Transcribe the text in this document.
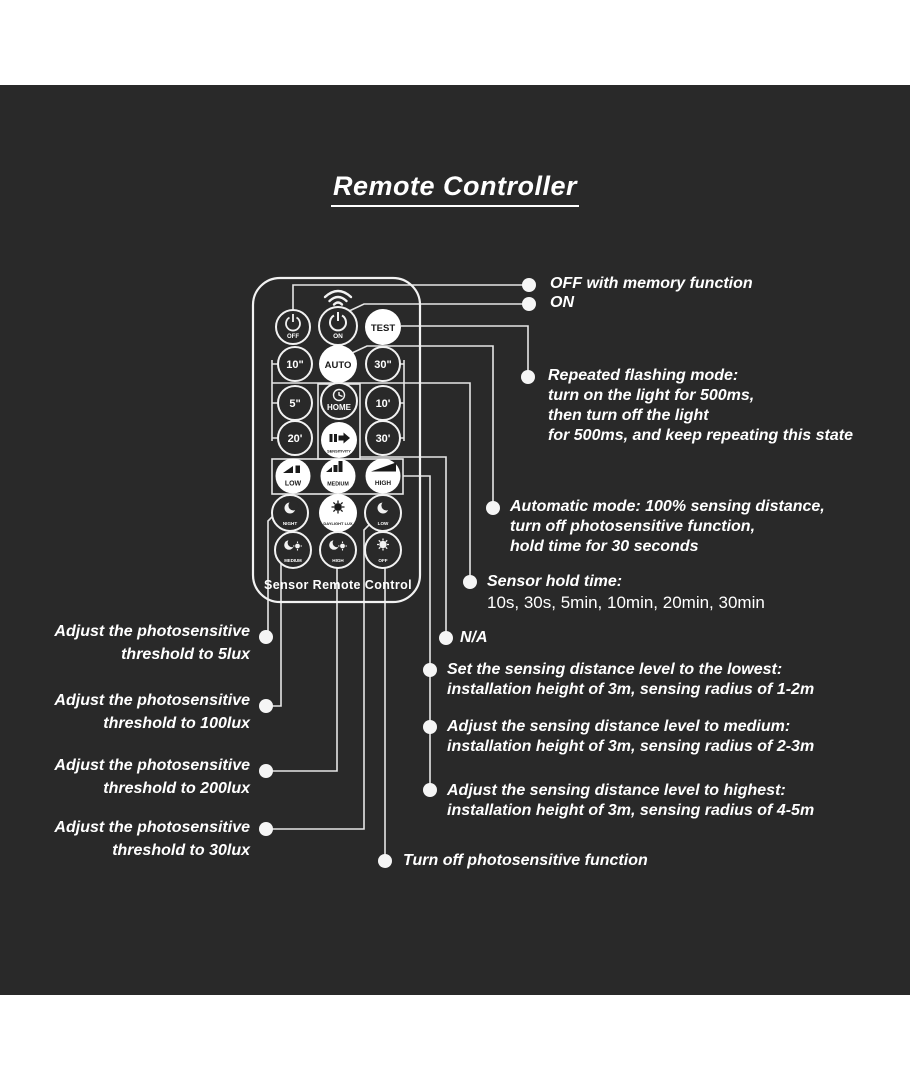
Remote Controller
OFF	ON
TEST
10" AUTO 30"
5"	HOME 10'
20'
SENSITIVITY
30'
LOW	MEDIUM	HIGH
NIGHT	DAYLIGHT LUX	LOW
MEDIUM	HIGH	OFF
Sensor Remote Control
OFF with memory function
ON
Repeated flashing mode:
turn on the light for 500ms,
then turn off the light
for 500ms, and keep repeating this state
Automatic mode: 100% sensing distance,
turn off photosensitive function,
hold time for 30 seconds
Sensor hold time:
10s, 30s, 5min, 10min, 20min, 30min
N/A
Set the sensing distance level to the lowest:
installation height of 3m, sensing radius of 1-2m
Adjust the sensing distance level to medium:
installation height of 3m, sensing radius of 2-3m
Adjust the sensing distance level to highest:
installation height of 3m, sensing radius of 4-5m
Turn off photosensitive function
Adjust the photosensitive
threshold to 5lux
Adjust the photosensitive
threshold to 100lux
Adjust the photosensitive
threshold to 200lux
Adjust the photosensitive
threshold to 30lux
